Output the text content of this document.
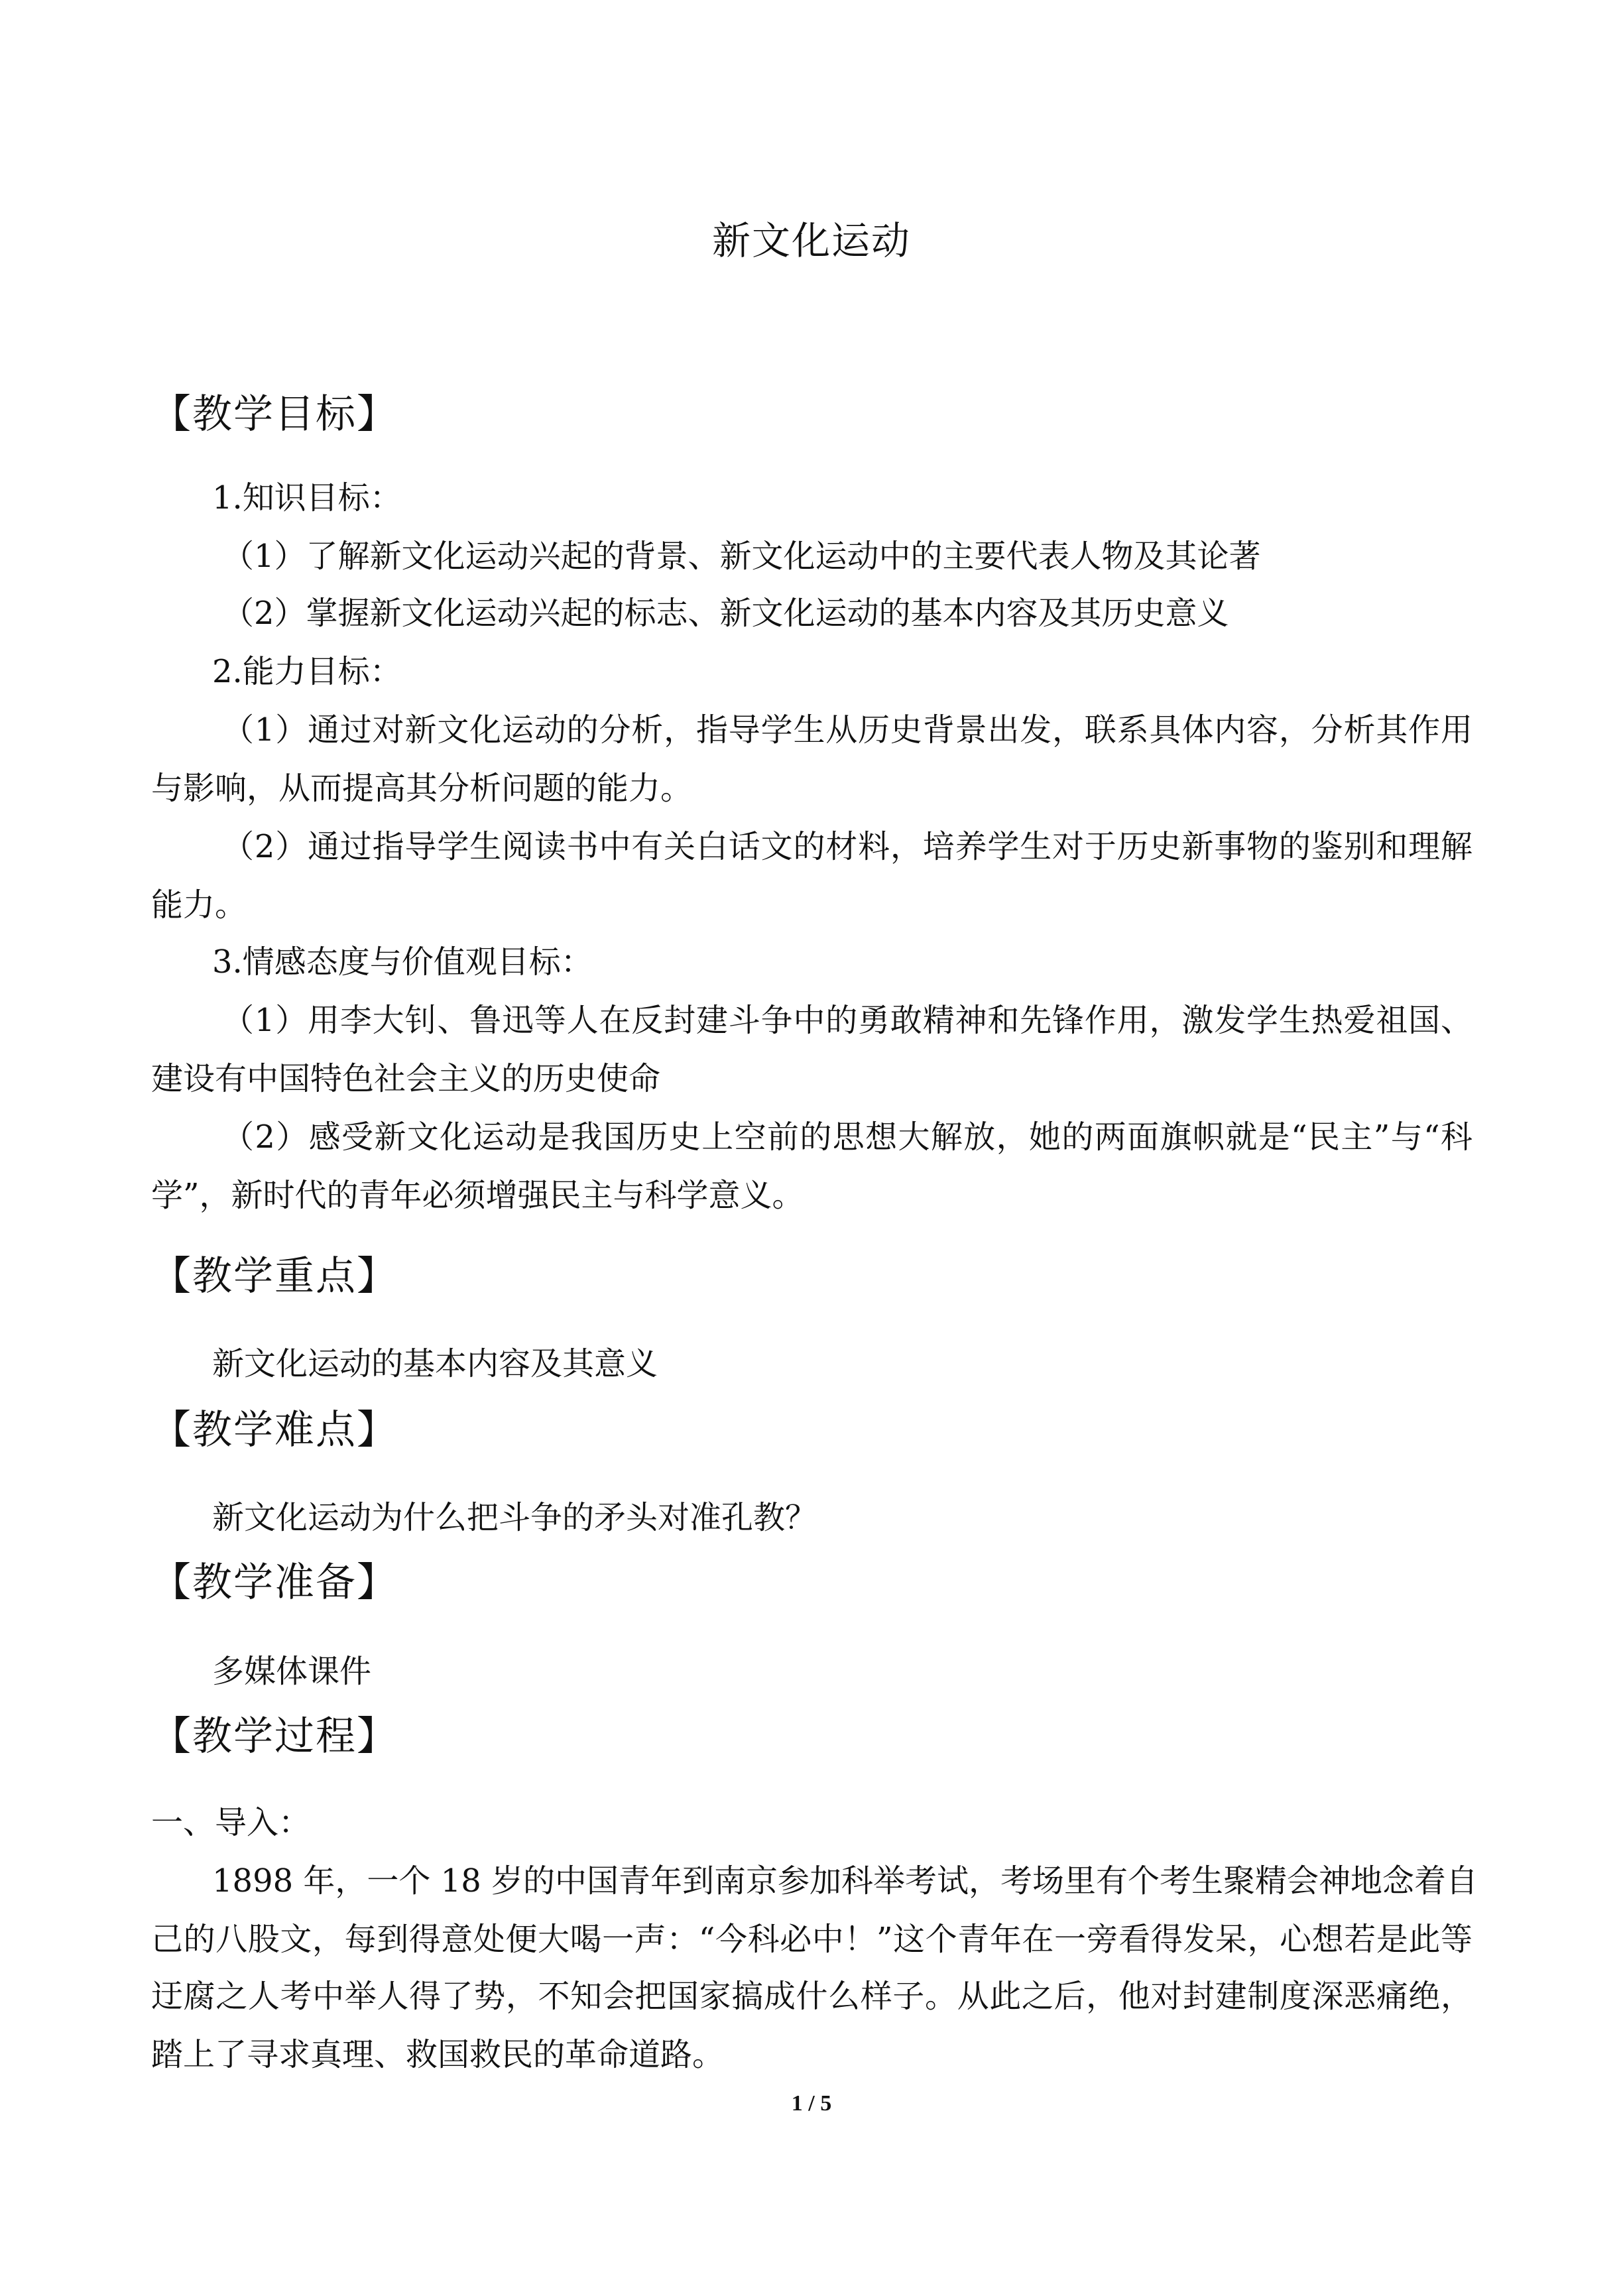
新文化运动
【教学目标】
1.知识目标：
（1）了解新文化运动兴起的背景、新文化运动中的主要代表人物及其论著
（2）掌握新文化运动兴起的标志、新文化运动的基本内容及其历史意义
2.能力目标：
（1）通过对新文化运动的分析，指导学生从历史背景出发，联系具体内容，分析其作用
与影响，从而提高其分析问题的能力。
（2）通过指导学生阅读书中有关白话文的材料，培养学生对于历史新事物的鉴别和理解
能力。
3.情感态度与价值观目标：
（1）用李大钊、鲁迅等人在反封建斗争中的勇敢精神和先锋作用，激发学生热爱祖国、
建设有中国特色社会主义的历史使命
（2）感受新文化运动是我国历史上空前的思想大解放，她的两面旗帜就是“民主”与“科
学”，新时代的青年必须增强民主与科学意义。
【教学重点】
新文化运动的基本内容及其意义
【教学难点】
新文化运动为什么把斗争的矛头对准孔教？
【教学准备】
多媒体课件
【教学过程】
一、导入：
1898 年，一个 18 岁的中国青年到南京参加科举考试，考场里有个考生聚精会神地念着自
己的八股文，每到得意处便大喝一声：“今科必中！”这个青年在一旁看得发呆，心想若是此等
迂腐之人考中举人得了势，不知会把国家搞成什么样子。从此之后，他对封建制度深恶痛绝，
踏上了寻求真理、救国救民的革命道路。
1 / 5
